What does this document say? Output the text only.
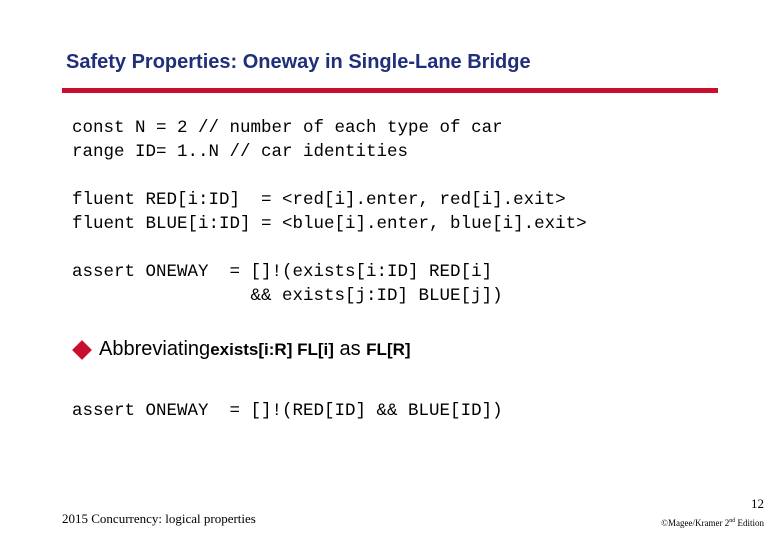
Safety Properties: Oneway in Single-Lane Bridge
const N = 2 // number of each type of car
range ID= 1..N // car identities
fluent RED[i:ID]  = <red[i].enter, red[i].exit>
fluent BLUE[i:ID] = <blue[i].enter, blue[i].exit>
assert ONEWAY  = []!(exists[i:ID] RED[i]
&& exists[j:ID] BLUE[j])
Abbreviating exists[i:R] FL[i] as FL[R]
assert ONEWAY  = []!(RED[ID] && BLUE[ID])
2015 Concurrency: logical properties
12
©Magee/Kramer 2nd Edition
